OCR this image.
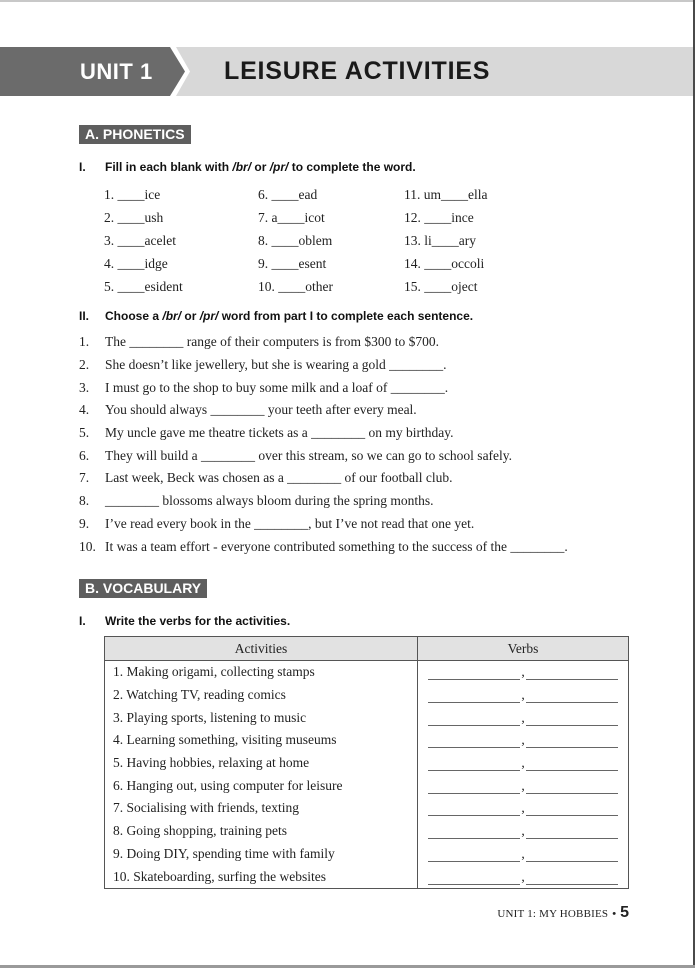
UNIT 1	LEISURE ACTIVITIES
A. PHONETICS
I. Fill in each blank with /br/ or /pr/ to complete the word.
1. ____ice	6. ____ead	11. um____ella
2. ____ush	7. a____icot	12. ____ince
3. ____acelet	8. ____oblem	13. li____ary
4. ____idge	9. ____esent	14. ____occoli
5. ____esident	10. ____other	15. ____oject
II. Choose a /br/ or /pr/ word from part I to complete each sentence.
1.	The ________ range of their computers is from $300 to $700.
2.	She doesn’t like jewellery, but she is wearing a gold ________.
3.	I must go to the shop to buy some milk and a loaf of ________.
4.	You should always ________ your teeth after every meal.
5.	My uncle gave me theatre tickets as a ________ on my birthday.
6.	They will build a ________ over this stream, so we can go to school safely.
7.	Last week, Beck was chosen as a ________ of our football club.
8.	________ blossoms always bloom during the spring months.
9.	I’ve read every book in the ________, but I’ve not read that one yet.
10. It was a team effort - everyone contributed something to the success of the ________.
B. VOCABULARY
I. Write the verbs for the activities.
Activities	Verbs
1. Making origami, collecting stamps	,
2. Watching TV, reading comics	,
3. Playing sports, listening to music	,
4. Learning something, visiting museums	,
5. Having hobbies, relaxing at home	,
6. Hanging out, using computer for leisure	,
7. Socialising with friends, texting	,
8. Going shopping, training pets	,
9. Doing DIY, spending time with family	,
10. Skateboarding, surfing the websites	,
UNIT 1: MY HOBBIES • 5
